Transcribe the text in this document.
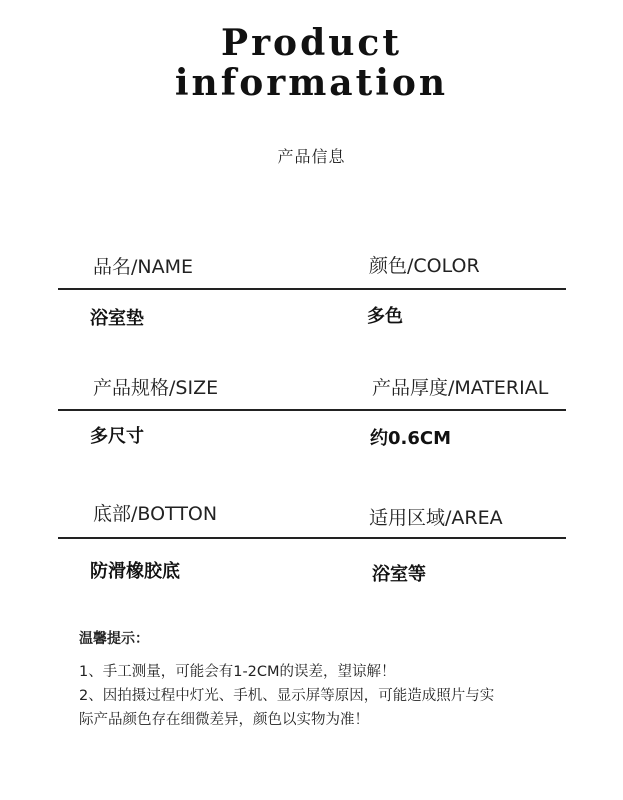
Product
information
产品信息
品名/NAME	颜色/COLOR
浴室垫	多色
产品规格/SIZE	产品厚度/MATERIAL
多尺寸	约0.6CM
底部/BOTTON	适用区域/AREA
防滑橡胶底	浴室等
温馨提示：
1、手工测量，可能会有1-2CM的误差，望谅解！
2、因拍摄过程中灯光、手机、显示屏等原因，可能造成照片与实际产品颜色存在细微差异，颜色以实物为准！
